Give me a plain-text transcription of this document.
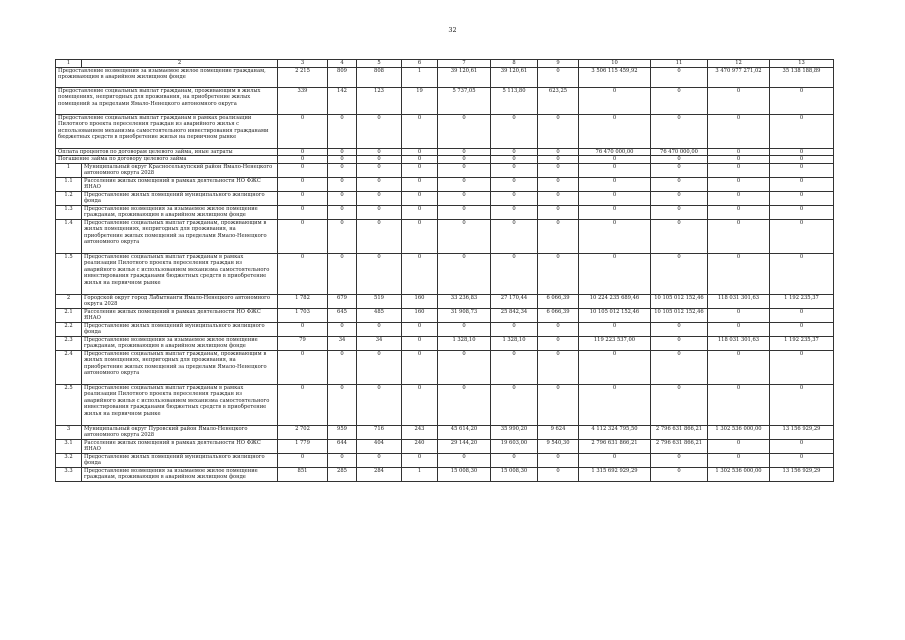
32
1	2	3	4	5	6	7	8	9	10	11	12	13
Предоставление возмещения за изымаемое жилое помещение гражданам, проживающим в аварийном жилищном фонде		2 215	809	808	1	39 120,61	39 120,61	0	3 506 115 459,92	0	3 470 977 271,02	35 138 188,89
Предоставление социальных выплат гражданам, проживающим в жилых помещениях, непригодных для проживания, на приобретение жилых помещений за пределами Ямало-Ненецкого автономного округа		339	142	123	19	5 737,05	5 113,80	623,25	0	0	0	0
Предоставление социальных выплат гражданам в рамках реализации Пилотного проекта переселения граждан из аварийного жилья с использованием механизма самостоятельного инвестирования гражданами бюджетных средств в приобретение жилья на первичном рынке		0	0	0	0	0	0	0	0	0	0	0
Оплата процентов по договорам целевого займа, иные затраты		0	0	0	0	0	0	0	76 470 000,00	76 470 000,00	0	0
Погашение займа по договору целевого займа		0	0	0	0	0	0	0	0	0	0	0
1	Муниципальный округ Красноселькупский район Ямало-Ненецкого автономного округа 2028	0	0	0	0	0	0	0	0	0	0	0
1.1	Расселение жилых помещений в рамках деятельности НО ФЖС ЯНАО	0	0	0	0	0	0	0	0	0	0	0
1.2	Предоставление жилых помещений муниципального жилищного фонда	0	0	0	0	0	0	0	0	0	0	0
1.3	Предоставление возмещения за изымаемое жилое помещение гражданам, проживающим в аварийном жилищном фонде	0	0	0	0	0	0	0	0	0	0	0
1.4	Предоставление социальных выплат гражданам, проживающим в жилых помещениях, непригодных для проживания, на приобретение жилых помещений за пределами Ямало-Ненецкого автономного округа	0	0	0	0	0	0	0	0	0	0	0
1.5	Предоставление социальных выплат гражданам в рамках реализации Пилотного проекта переселения граждан из аварийного жилья с использованием механизма самостоятельного инвестирования гражданами бюджетных средств в приобретение жилья на первичном рынке	0	0	0	0	0	0	0	0	0	0	0
2	Городской округ город Лабытнанги Ямало-Ненецкого автономного округа 2028	1 782	679	519	160	33 236,83	27 170,44	6 066,39	10 224 235 689,46	10 105 012 152,46	118 031 301,63	1 192 235,37
2.1	Расселение жилых помещений в рамках деятельности НО ФЖС ЯНАО	1 703	645	485	160	31 908,73	25 842,34	6 066,39	10 105 012 152,46	10 105 012 152,46	0	0
2.2	Предоставление жилых помещений муниципального жилищного фонда	0	0	0	0	0	0	0	0	0	0	0
2.3	Предоставление возмещения за изымаемое жилое помещение гражданам, проживающим в аварийном жилищном фонде	79	34	34	0	1 328,10	1 328,10	0	119 223 537,00	0	118 031 301,63	1 192 235,37
2.4	Предоставление социальных выплат гражданам, проживающим в жилых помещениях, непригодных для проживания, на приобретение жилых помещений за пределами Ямало-Ненецкого автономного округа	0	0	0	0	0	0	0	0	0	0	0
2.5	Предоставление социальных выплат гражданам в рамках реализации Пилотного проекта переселения граждан из аварийного жилья с использованием механизма самостоятельного инвестирования гражданами бюджетных средств в приобретение жилья на первичном рынке	0	0	0	0	0	0	0	0	0	0	0
3	Муниципальный округ Пуровский район Ямало-Ненецкого автономного округа 2028	2 702	959	716	243	45 614,20	35 990,20	9 624	4 112 324 795,50	2 796 631 866,21	1 302 536 000,00	13 156 929,29
3.1	Расселение жилых помещений в рамках деятельности НО ФЖС ЯНАО	1 779	644	404	240	29 144,20	19 603,00	9 540,30	2 796 631 866,21	2 796 631 866,21	0	0
3.2	Предоставление жилых помещений муниципального жилищного фонда	0	0	0	0	0	0	0	0	0	0	0
3.3	Предоставление возмещения за изымаемое жилое помещение гражданам, проживающим в аварийном жилищном фонде	851	285	284	1	15 008,30	15 008,30	0	1 315 692 929,29	0	1 302 536 000,00	13 156 929,29
